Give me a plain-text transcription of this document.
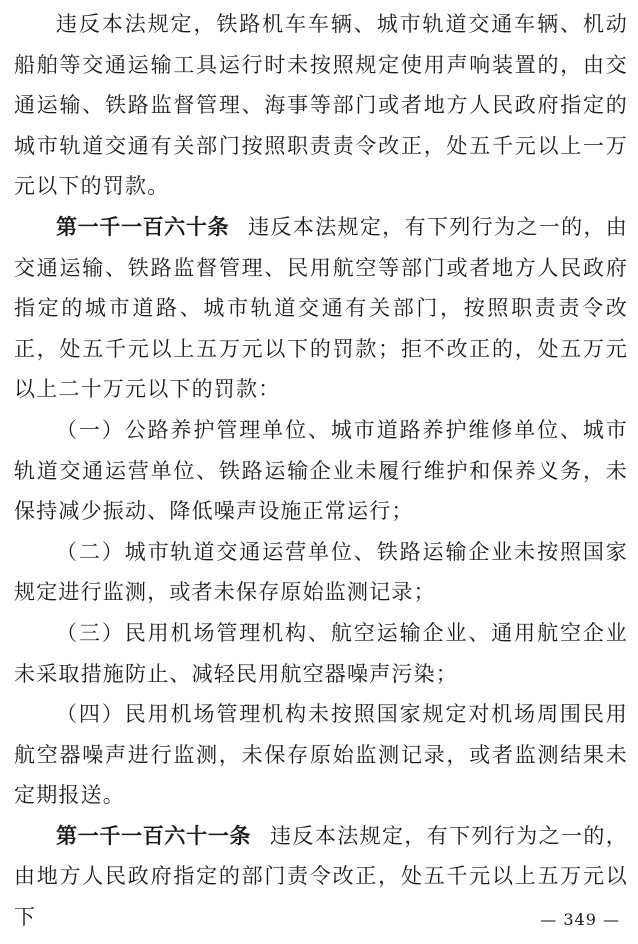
违反本法规定，铁路机车车辆、城市轨道交通车辆、机动船舶等交通运输工具运行时未按照规定使用声响装置的，由交通运输、铁路监督管理、海事等部门或者地方人民政府指定的城市轨道交通有关部门按照职责责令改正，处五千元以上一万元以下的罚款。

第一千一百六十条 违反本法规定，有下列行为之一的，由交通运输、铁路监督管理、民用航空等部门或者地方人民政府指定的城市道路、城市轨道交通有关部门，按照职责责令改正，处五千元以上五万元以下的罚款；拒不改正的，处五万元以上二十万元以下的罚款：

（一）公路养护管理单位、城市道路养护维修单位、城市轨道交通运营单位、铁路运输企业未履行维护和保养义务，未保持减少振动、降低噪声设施正常运行；

（二）城市轨道交通运营单位、铁路运输企业未按照国家规定进行监测，或者未保存原始监测记录；

（三）民用机场管理机构、航空运输企业、通用航空企业未采取措施防止、减轻民用航空器噪声污染；

（四）民用机场管理机构未按照国家规定对机场周围民用航空器噪声进行监测，未保存原始监测记录，或者监测结果未定期报送。

第一千一百六十一条 违反本法规定，有下列行为之一的，由地方人民政府指定的部门责令改正，处五千元以上五万元以下	— 349 —
